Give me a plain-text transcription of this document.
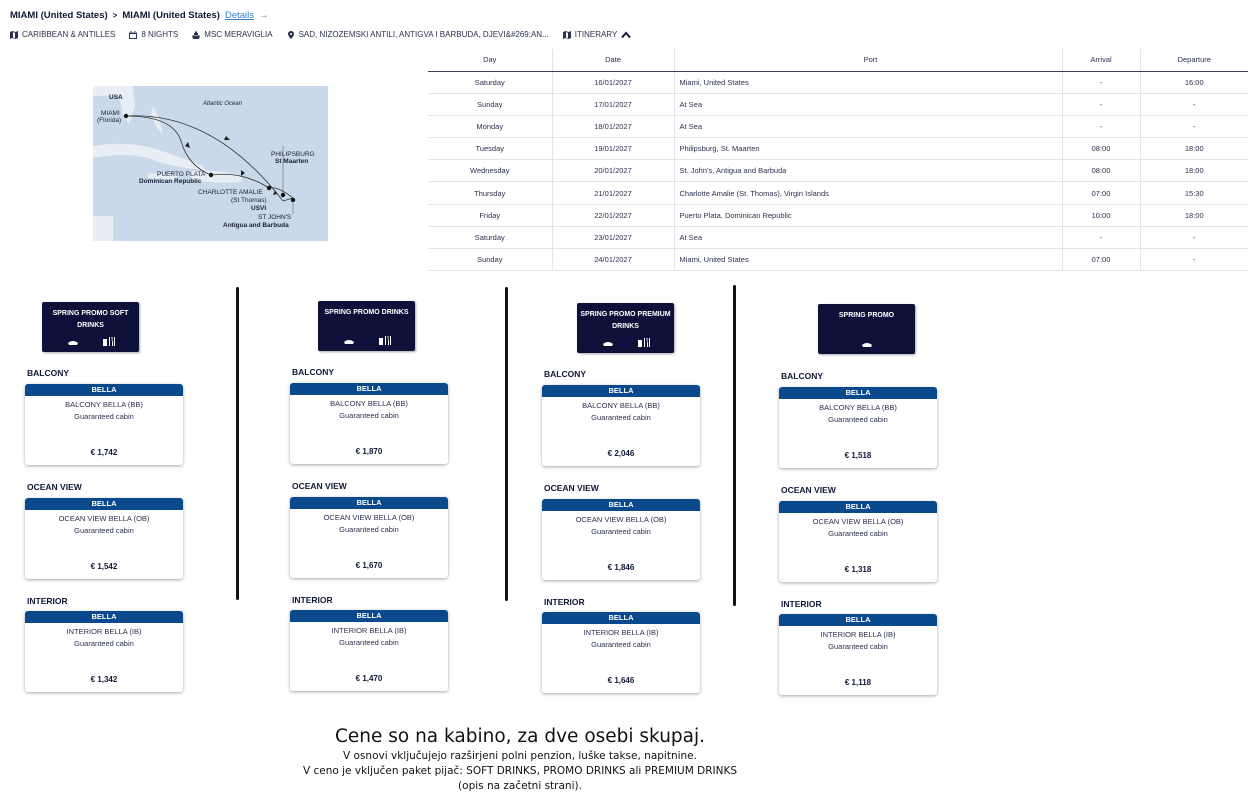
MIAMI (United States) > MIAMI (United States) Details →
CARIBBEAN & ANTILLES	8 NIGHTS	MSC MERAVIGLIA	SAD, NIZOZEMSKI ANTILI, ANTIGVA I BARBUDA, DJEVI&#269;AN...	ITINERARY
USA
Atlantic Ocean
MIAMI
(Florida)
PHILIPSBURG
St Maarten
PUERTO PLATA
Dominican Republic
CHARLOTTE AMALIE
(St Thomas)
USVI
ST JOHN'S
Antigua and Barbuda
Day	Date	Port	Arrival	Departure
Saturday	16/01/2027	Miami, United States	-	16:00
Sunday	17/01/2027	At Sea	-	-
Monday	18/01/2027	At Sea	-	-
Tuesday	19/01/2027	Philipsburg, St. Maarten	08:00	18:00
Wednesday	20/01/2027	St. John's, Antigua and Barbuda	08:00	18:00
Thursday	21/01/2027	Charlotte Amalie (St. Thomas), Virgin Islands	07:00	15:30
Friday	22/01/2027	Puerto Plata, Dominican Republic	10:00	18:00
Saturday	23/01/2027	At Sea	-	-
Sunday	24/01/2027	Miami, United States	07:00	-
SPRING PROMO SOFT DRINKS
BALCONY
BELLA
BALCONY BELLA (BB)
Guaranteed cabin
€ 1,742
OCEAN VIEW
BELLA
OCEAN VIEW BELLA (OB)
Guaranteed cabin
€ 1,542
INTERIOR
BELLA
INTERIOR BELLA (IB)
Guaranteed cabin
€ 1,342
SPRING PROMO DRINKS
BALCONY
BELLA
BALCONY BELLA (BB)
Guaranteed cabin
€ 1,870
OCEAN VIEW
BELLA
OCEAN VIEW BELLA (OB)
Guaranteed cabin
€ 1,670
INTERIOR
BELLA
INTERIOR BELLA (IB)
Guaranteed cabin
€ 1,470
SPRING PROMO PREMIUM DRINKS
BALCONY
BELLA
BALCONY BELLA (BB)
Guaranteed cabin
€ 2,046
OCEAN VIEW
BELLA
OCEAN VIEW BELLA (OB)
Guaranteed cabin
€ 1,846
INTERIOR
BELLA
INTERIOR BELLA (IB)
Guaranteed cabin
€ 1,646
SPRING PROMO
BALCONY
BELLA
BALCONY BELLA (BB)
Guaranteed cabin
€ 1,518
OCEAN VIEW
BELLA
OCEAN VIEW BELLA (OB)
Guaranteed cabin
€ 1,318
INTERIOR
BELLA
INTERIOR BELLA (IB)
Guaranteed cabin
€ 1,118
Cene so na kabino, za dve osebi skupaj.
V osnovi vključujejo razširjeni polni penzion, luške takse, napitnine.
V ceno je vključen paket pijač: SOFT DRINKS, PROMO DRINKS ali PREMIUM DRINKS (opis na začetni strani).
